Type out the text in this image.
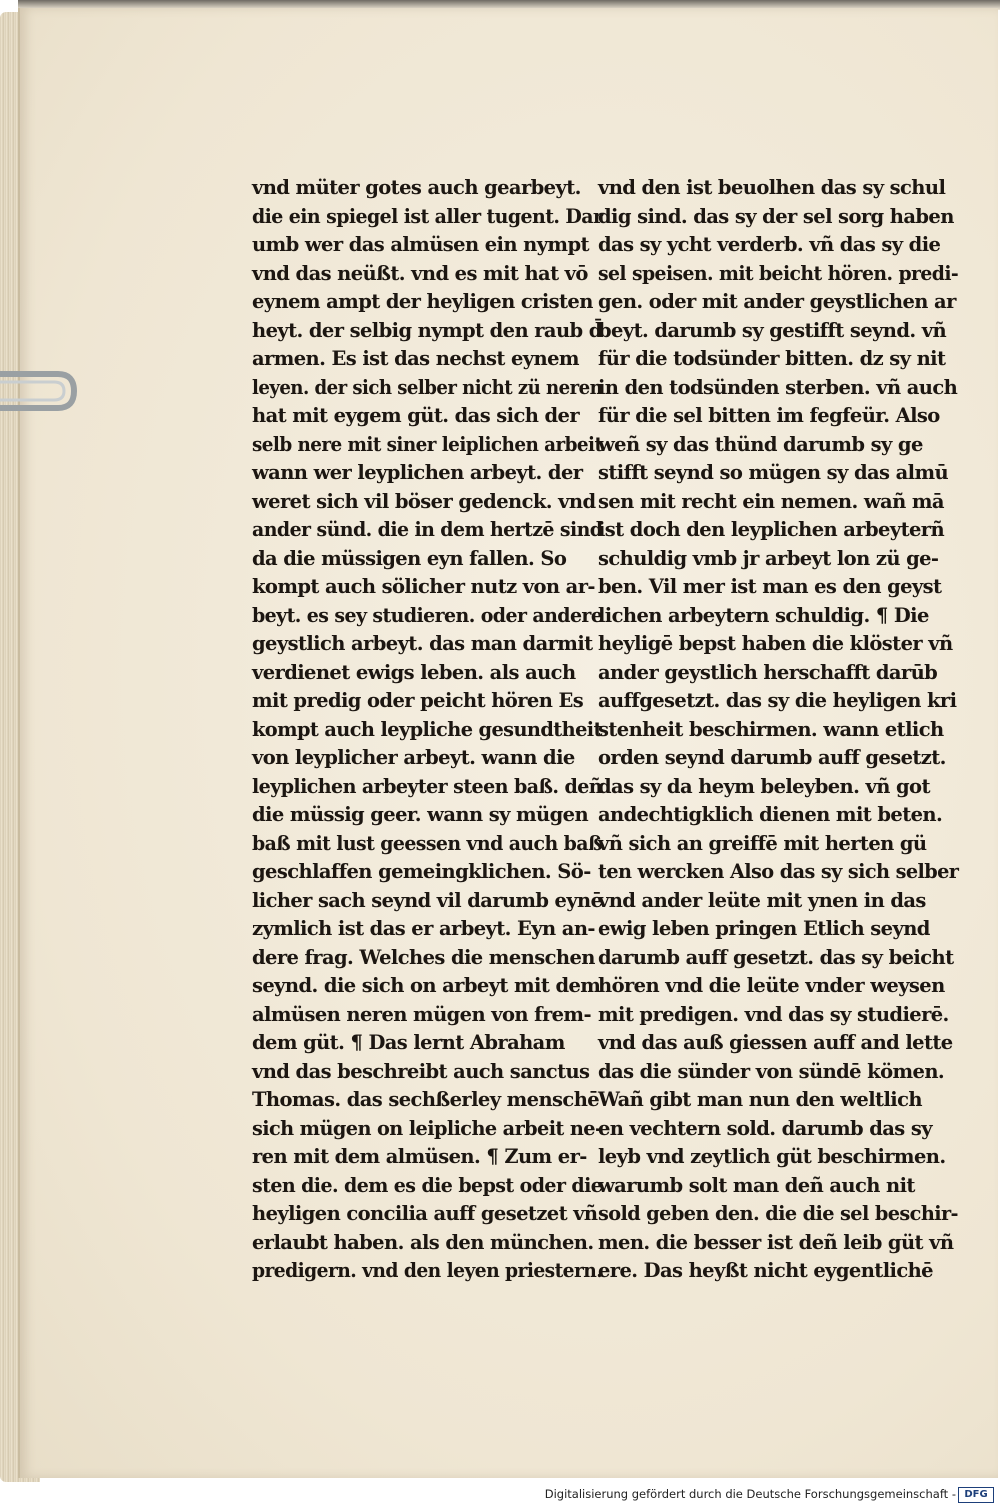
vnd müter gotes auch gearbeyt.
die ein spiegel ist aller tugent. Dar
umb wer das almüsen ein nympt
vnd das neüßt. vnd es mit hat vō
eynem ampt der heyligen cristen
heyt. der selbig nympt den raub d̄
armen. Es ist das nechst eynem
leyen. der sich selber nicht zü neren
hat mit eygem güt. das sich der
selb nere mit siner leiplichen arbeit
wann wer leyplichen arbeyt. der
weret sich vil böser gedenck. vnd
ander sünd. die in dem hertzē sind
da die müssigen eyn fallen. So
kompt auch sölicher nutz von ar-
beyt. es sey studieren. oder andere
geystlich arbeyt. das man darmit
verdienet ewigs leben. als auch
mit predig oder peicht hören Es
kompt auch leypliche gesundtheit
von leyplicher arbeyt. wann die
leyplichen arbeyter steen baß. deñ
die müssig geer. wann sy mügen
baß mit lust geessen vnd auch baß
geschlaffen gemeingklichen. Sö-
licher sach seynd vil darumb eynē
zymlich ist das er arbeyt. Eyn an-
dere frag. Welches die menschen
seynd. die sich on arbeyt mit dem
almüsen neren mügen von frem-
dem güt. ¶ Das lernt Abraham
vnd das beschreibt auch sanctus
Thomas. das sechßerley menschē
sich mügen on leipliche arbeit ne-
ren mit dem almüsen. ¶ Zum er-
sten die. dem es die bepst oder die
heyligen concilia auff gesetzet vñ
erlaubt haben. als den münchen.
predigern. vnd den leyen priestern.
vnd den ist beuolhen das sy schul
dig sind. das sy der sel sorg haben
das sy ycht verderb. vñ das sy die
sel speisen. mit beicht hören. predi-
gen. oder mit ander geystlichen ar
beyt. darumb sy gestifft seynd. vñ
für die todsünder bitten. dz sy nit
in den todsünden sterben. vñ auch
für die sel bitten im fegfeür. Also
weñ sy das thünd darumb sy ge
stifft seynd so mügen sy das almū
sen mit recht ein nemen. wañ mā
ist doch den leyplichen arbeyterñ
schuldig vmb jr arbeyt lon zü ge-
ben. Vil mer ist man es den geyst
lichen arbeytern schuldig. ¶ Die
heyligē bepst haben die klöster vñ
ander geystlich herschafft darūb
auffgesetzt. das sy die heyligen kri
stenheit beschirmen. wann etlich
orden seynd darumb auff gesetzt.
das sy da heym beleyben. vñ got
andechtigklich dienen mit beten.
vñ sich an greiffē mit herten gü
ten wercken Also das sy sich selber
vnd ander leüte mit ynen in das
ewig leben pringen Etlich seynd
darumb auff gesetzt. das sy beicht
hören vnd die leüte vnder weysen
mit predigen. vnd das sy studierē.
vnd das auß giessen auff and lette
das die sünder von sündē kömen.
Wañ gibt man nun den weltlich
en vechtern sold. darumb das sy
leyb vnd zeytlich güt beschirmen.
warumb solt man deñ auch nit
sold geben den. die die sel beschir-
men. die besser ist deñ leib güt vñ
ere. Das heyßt nicht eygentlichē
Digitalisierung gefördert durch die Deutsche Forschungsgemeinschaft - DFG
